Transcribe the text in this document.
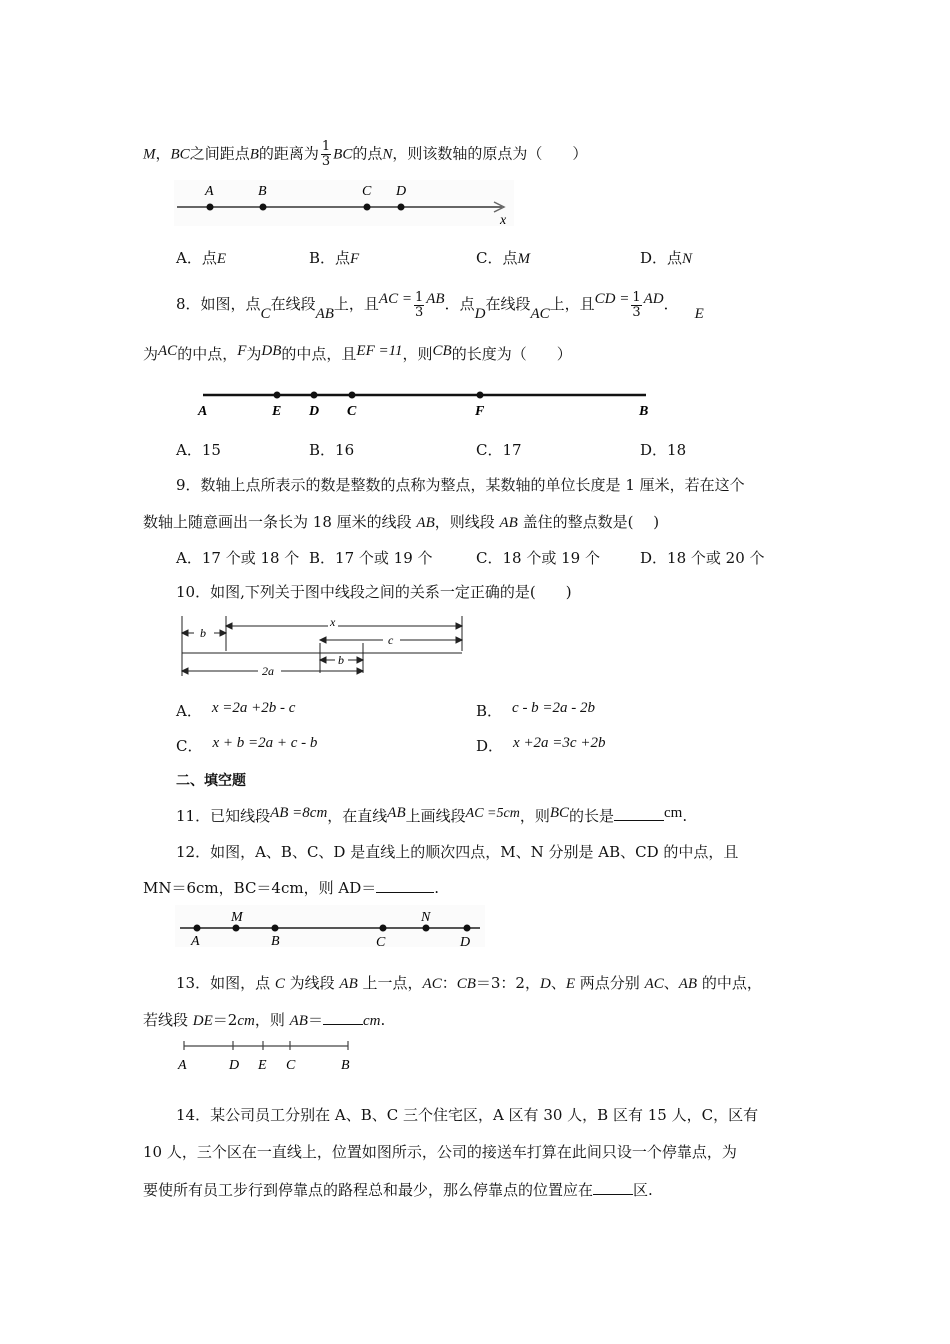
M，BC之间距点B的距离为 $\frac{1}{3}$ BC的点N，则该数轴的原点为（　　）
A	B	C D
x
A．点E	B．点F	C．点M	D．点N
8．如图，点C在线段AB上，且AC = $\frac{1}{3}$ AB．点D在线段AC上，且CD = $\frac{1}{3}$ AD．E
为AC的中点，F为DB的中点，且EF =11，则CB的长度为（　　）
A	E D C	F	B
A．15	B．16	C．17	D．18
9．数轴上点所表示的数是整数的点称为整点，某数轴的单位长度是 1 厘米，若在这个
数轴上随意画出一条长为 18 厘米的线段 AB，则线段 AB 盖住的整点数是(　 )
A．17 个或 18 个 B．17 个或 19 个	C．18 个或 19 个	D．18 个或 20 个
10．如图,下列关于图中线段之间的关系一定正确的是(　　)
b
x
c
b
2a
A． x =2a +2b - c	B． c - b =2a - 2b
C． x + b =2a + c - b	D． x +2a =3c +2b
二、填空题
11．已知线段AB =8cm，在直线AB上画线段AC =5cm，则BC的长是	cm.
12．如图，A、B、C、D 是直线上的顺次四点，M、N 分别是 AB、CD 的中点，且
MN＝6cm，BC＝4cm，则 AD＝	.
A
M
B	C
N
D
13．如图，点 C 为线段 AB 上一点，AC：CB＝3：2，D、E 两点分别 AC、AB 的中点，
若线段 DE＝2cm，则 AB＝	cm.
A	D E C	B
14．某公司员工分别在 A、B、C 三个住宅区，A 区有 30 人，B 区有 15 人，C，区有
10 人，三个区在一直线上，位置如图所示，公司的接送车打算在此间只设一个停靠点，为
要使所有员工步行到停靠点的路程总和最少，那么停靠点的位置应在	区.
